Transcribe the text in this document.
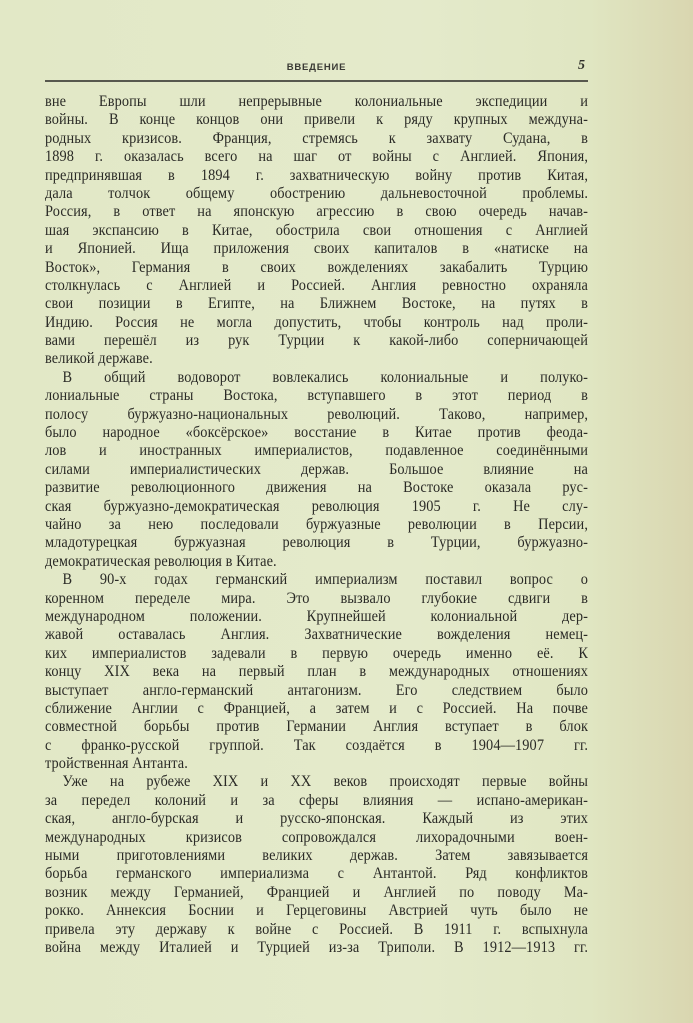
ВВЕДЕНИЕ	5
вне Европы шли непрерывные колониальные экспедиции и
войны. В конце концов они привели к ряду крупных междуна-
родных кризисов. Франция, стремясь к захвату Судана, в
1898 г. оказалась всего на шаг от войны с Англией. Япония,
предпринявшая в 1894 г. захватническую войну против Китая,
дала толчок общему обострению дальневосточной проблемы.
Россия, в ответ на японскую агрессию в свою очередь начав-
шая экспансию в Китае, обострила свои отношения с Англией
и Японией. Ища приложения своих капиталов в «натиске на
Восток», Германия в своих вожделениях закабалить Турцию
столкнулась с Англией и Россией. Англия ревностно охраняла
свои позиции в Египте, на Ближнем Востоке, на путях в
Индию. Россия не могла допустить, чтобы контроль над проли-
вами перешёл из рук Турции к какой-либо соперничающей
великой державе.
В общий водоворот вовлекались колониальные и полуко-
лониальные страны Востока, вступавшего в этот период в
полосу буржуазно-национальных революций. Таково, например,
было народное «боксёрское» восстание в Китае против феода-
лов и иностранных империалистов, подавленное соединёнными
силами империалистических держав. Большое влияние на
развитие революционного движения на Востоке оказала рус-
ская буржуазно-демократическая революция 1905 г. Не слу-
чайно за нею последовали буржуазные революции в Персии,
младотурецкая буржуазная революция в Турции, буржуазно-
демократическая революция в Китае.
В 90-х годах германский империализм поставил вопрос о
коренном переделе мира. Это вызвало глубокие сдвиги в
международном положении. Крупнейшей колониальной дер-
жавой оставалась Англия. Захватнические вожделения немец-
ких империалистов задевали в первую очередь именно её. К
концу XIX века на первый план в международных отношениях
выступает англо-германский антагонизм. Его следствием было
сближение Англии с Францией, а затем и с Россией. На почве
совместной борьбы против Германии Англия вступает в блок
с франко-русской группой. Так создаётся в 1904—1907 гг.
тройственная Антанта.
Уже на рубеже XIX и XX веков происходят первые войны
за передел колоний и за сферы влияния — испано-американ-
ская, англо-бурская и русско-японская. Каждый из этих
международных кризисов сопровождался лихорадочными воен-
ными приготовлениями великих держав. Затем завязывается
борьба германского империализма с Антантой. Ряд конфликтов
возник между Германией, Францией и Англией по поводу Ма-
рокко. Аннексия Боснии и Герцеговины Австрией чуть было не
привела эту державу к войне с Россией. В 1911 г. вспыхнула
война между Италией и Турцией из-за Триполи. В 1912—1913 гг.
